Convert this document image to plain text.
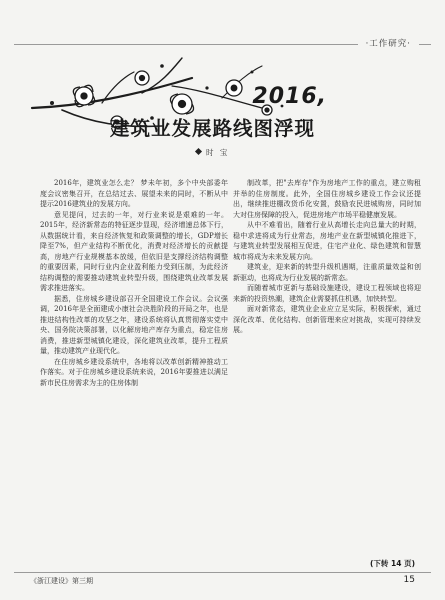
·工作研究·
2016,
建筑业发展路线图浮现
时 宝

2016年，建筑业怎么走？ 梦未年初，多个中央部委年度会议密集召开，在总结过去、展望未来的同时，不断从中提示2016建筑业的发展方向。

意见提问，过去的一年，对行业来说是艰难的一年。2015年，经济新常态的特征逐步显现，经济增速总体下行，从数据统计看，来自经济恢复和政策调整的增长，GDP增长降至7%，但产业结构不断优化，消费对经济增长的贡献提高，房地产行业规模基本放缓，但依旧是支撑经济结构调整的重要因素，同时行业内企业盈利能力受到压制，为此经济结构调整的需要推动建筑业转型升级，围绕建筑业改革发展需求推进落实。

据悉，住房城乡建设部召开全国建设工作会议。会议强调，2016年是全面建成小康社会决胜阶段的开局之年，也是推进结构性改革的攻坚之年，建设系统将认真贯彻落实党中央、国务院决策部署，以化解房地产库存为重点，稳定住房消费，推进新型城镇化建设，深化建筑业改革，提升工程质量，推动建筑产业现代化。

在住房城乡建设系统中，各地将以改革创新精神推动工作落实。对于住房城乡建设系统来说，2016年要推进以满足新市民住房需求为主的住房体制

制改革，把"去库存"作为房地产工作的重点，建立购租并举的住房制度。此外，全国住房城乡建设工作会议还提出，继续推进棚改货币化安置，鼓励农民进城购房，同时加大对住房保障的投入，促进房地产市场平稳健康发展。

从中不难看出，随着行业从高增长走向总量大的时期，稳中求进将成为行业常态，房地产业在新型城镇化推进下，与建筑业转型发展相互促进，住宅产业化、绿色建筑和智慧城市将成为未来发展方向。

建筑业，迎来新的转型升级机遇期，注重质量效益和创新驱动，也将成为行业发展的新常态。

而随着城市更新与基础设施建设，建设工程领域也将迎来新的投资热潮，建筑企业需要抓住机遇，加快转型。

面对新常态，建筑业企业应立足实际，积极探索，通过深化改革、优化结构、创新管理来应对挑战，实现可持续发展。

(下转 14 页)
《浙江建设》第三期	15
